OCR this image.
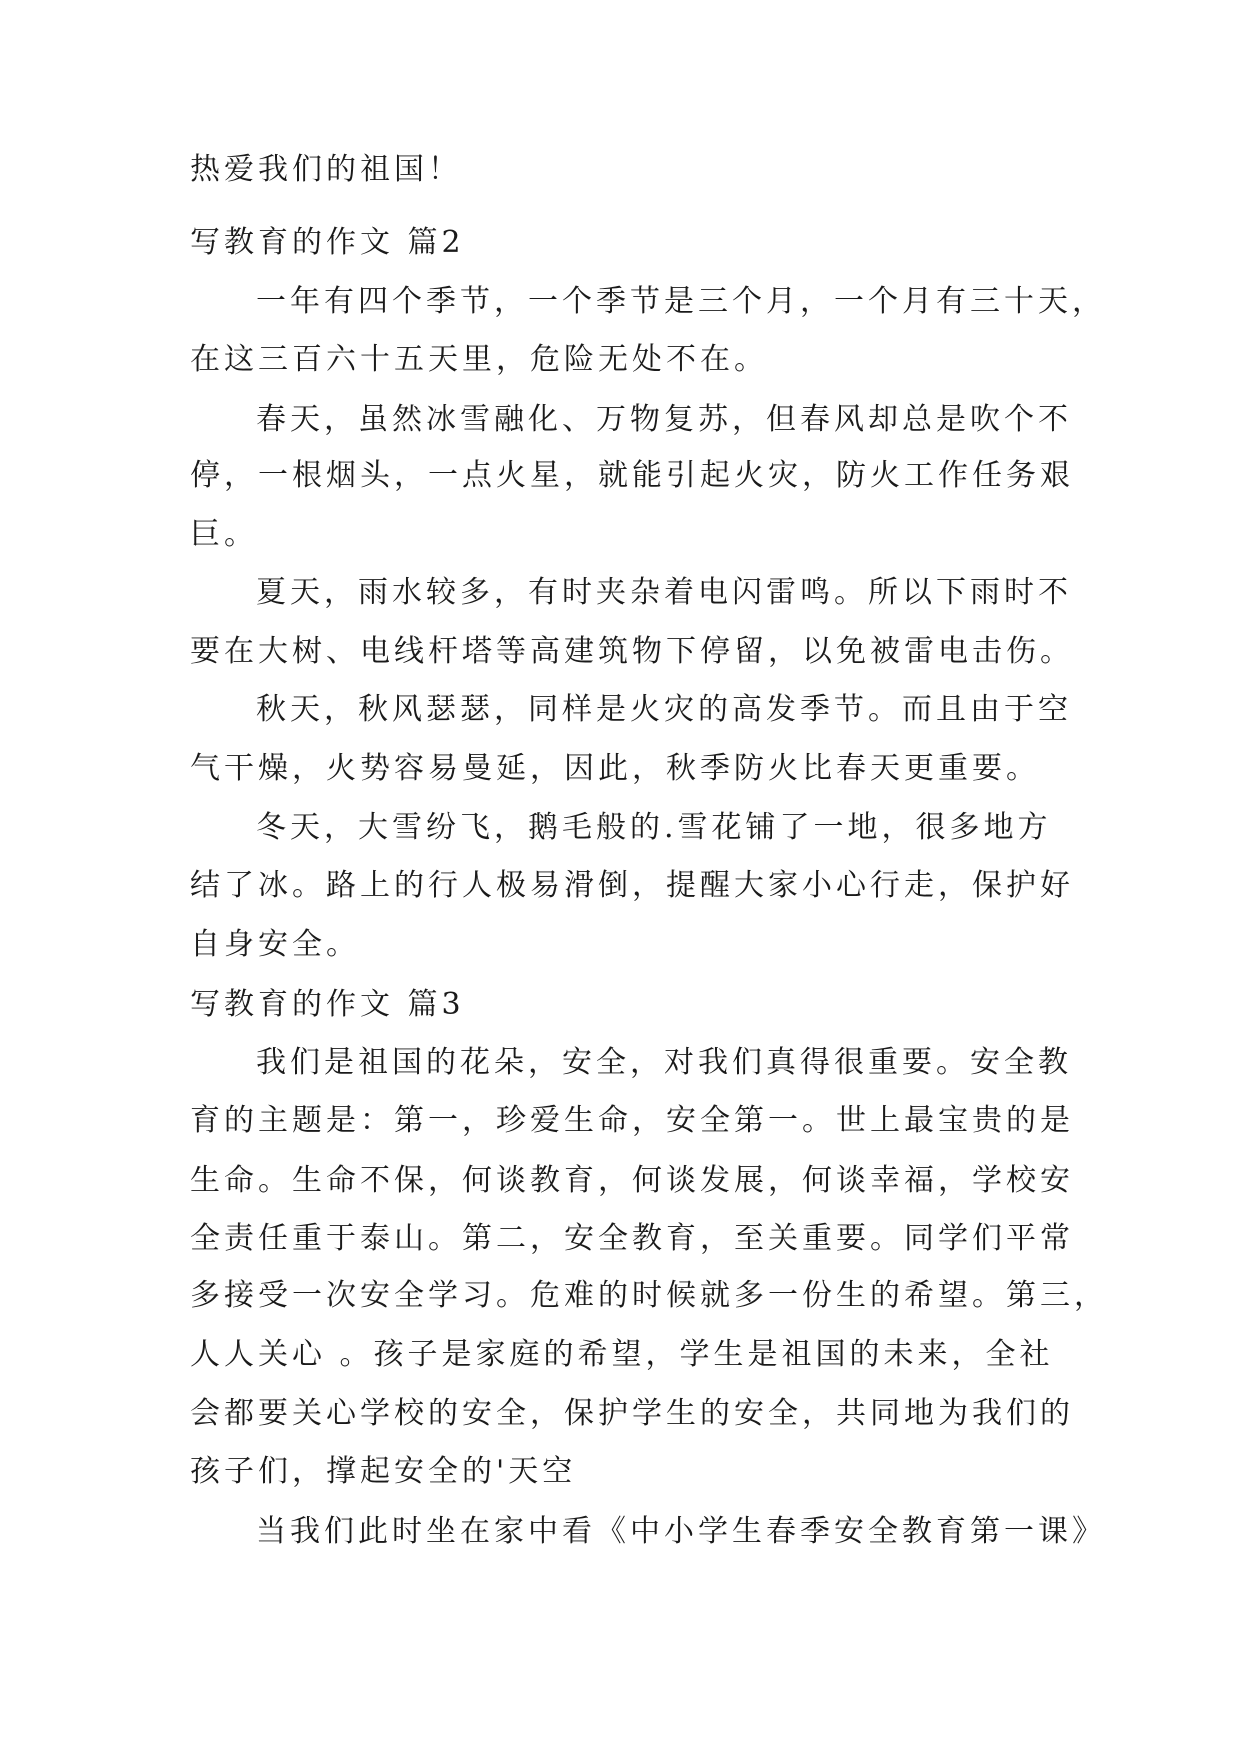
热爱我们的祖国！
写教育的作文 篇2
一年有四个季节，一个季节是三个月，一个月有三十天，
在这三百六十五天里，危险无处不在。
春天，虽然冰雪融化、万物复苏，但春风却总是吹个不
停，一根烟头，一点火星，就能引起火灾，防火工作任务艰
巨。
夏天，雨水较多，有时夹杂着电闪雷鸣。所以下雨时不
要在大树、电线杆塔等高建筑物下停留，以免被雷电击伤。
秋天，秋风瑟瑟，同样是火灾的高发季节。而且由于空
气干燥，火势容易曼延，因此，秋季防火比春天更重要。
冬天，大雪纷飞，鹅毛般的.雪花铺了一地，很多地方
结了冰。路上的行人极易滑倒，提醒大家小心行走，保护好
自身安全。
写教育的作文 篇3
我们是祖国的花朵，安全，对我们真得很重要。安全教
育的主题是：第一，珍爱生命，安全第一。世上最宝贵的是
生命。生命不保，何谈教育，何谈发展，何谈幸福，学校安
全责任重于泰山。第二，安全教育，至关重要。同学们平常
多接受一次安全学习。危难的时候就多一份生的希望。第三，
人人关心 。孩子是家庭的希望，学生是祖国的未来，全社
会都要关心学校的安全，保护学生的安全，共同地为我们的
孩子们，撑起安全的'天空
当我们此时坐在家中看《中小学生春季安全教育第一课》
